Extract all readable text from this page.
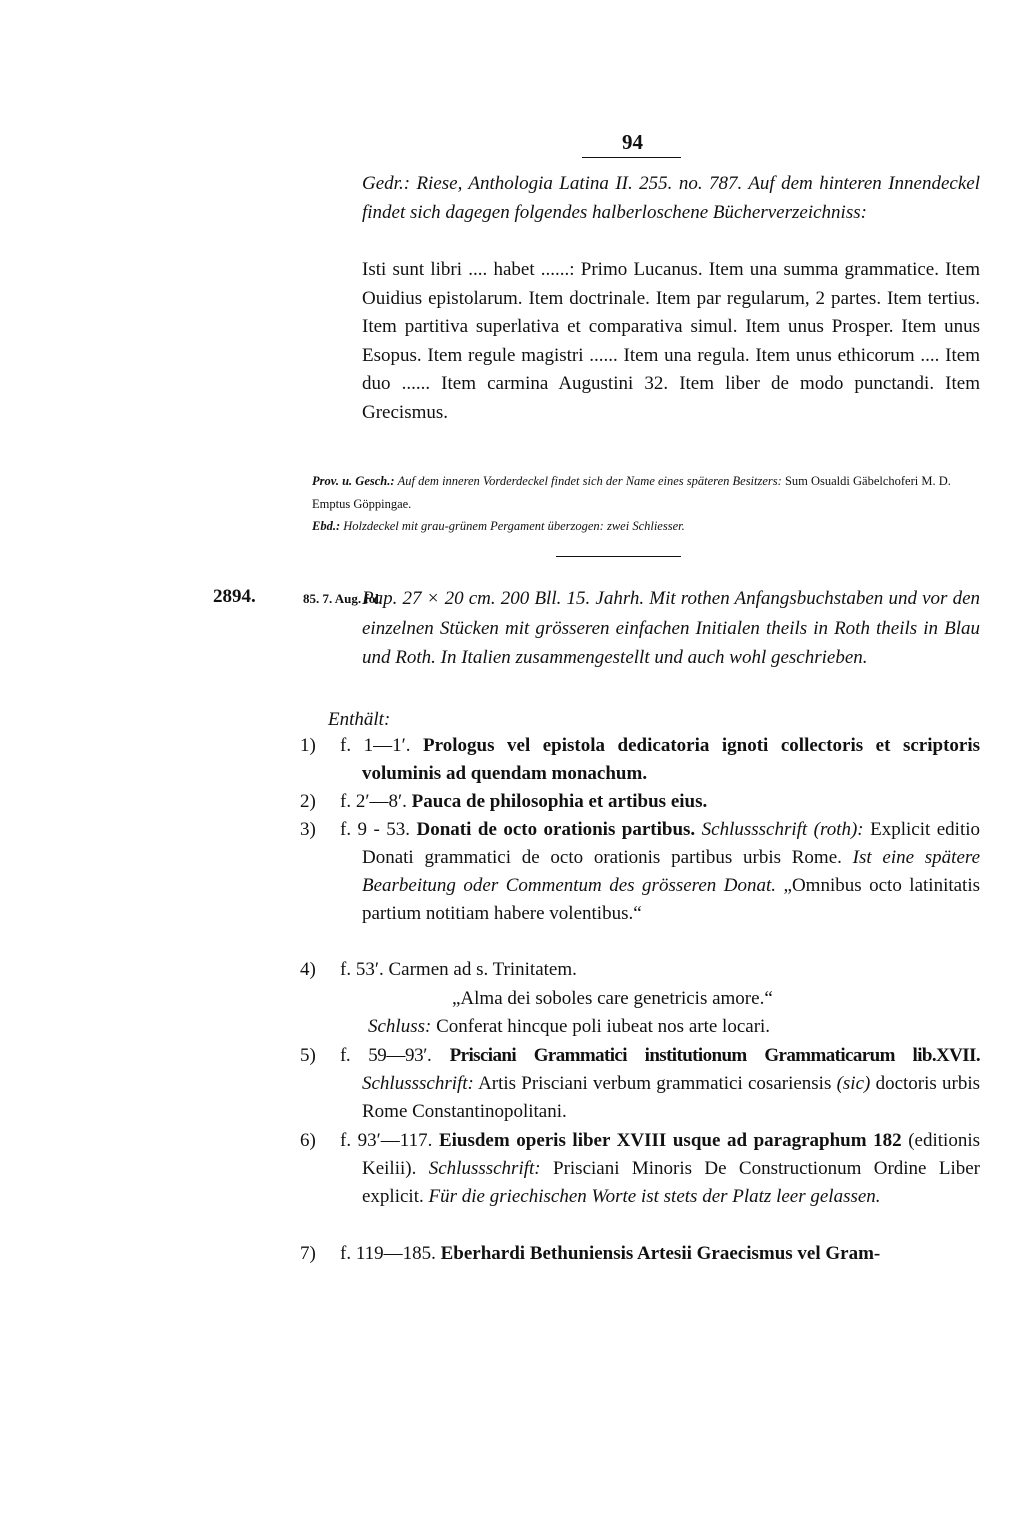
94
Gedr.: Riese, Anthologia Latina II. 255. no. 787. Auf dem hinteren Innendeckel findet sich dagegen folgendes halberloschene Bücherverzeichniss:
Isti sunt libri .... habet ......: Primo Lucanus. Item una summa grammatice. Item Ouidius epistolarum. Item doctrinale. Item par regularum, 2 partes. Item tertius. Item partitiva superlativa et comparativa simul. Item unus Prosper. Item unus Esopus. Item regule magistri ...... Item una regula. Item unus ethicorum .... Item duo ...... Item carmina Augustini 32. Item liber de modo punctandi. Item Grecismus.
Prov. u. Gesch.: Auf dem inneren Vorderdeckel findet sich der Name eines späteren Besitzers: Sum Osualdi Gäbelchoferi M. D. Emptus Göppingae.
Ebd.: Holzdeckel mit grau-grünem Pergament überzogen: zwei Schliesser.
2894.	85. 7. Aug. fol.
Pap. 27 × 20 cm. 200 Bll. 15. Jahrh. Mit rothen Anfangsbuchstaben und vor den einzelnen Stücken mit grösseren einfachen Initialen theils in Roth theils in Blau und Roth. In Italien zusammengestellt und auch wohl geschrieben.
Enthält:
1) f. 1—1′. Prologus vel epistola dedicatoria ignoti collectoris et scriptoris voluminis ad quendam monachum.
2) f. 2′—8′. Pauca de philosophia et artibus eius.
3) f. 9 - 53. Donati de octo orationis partibus. Schlussschrift (roth): Explicit editio Donati grammatici de octo orationis partibus urbis Rome. Ist eine spätere Bearbeitung oder Commentum des grösseren Donat. „Omnibus octo latinitatis partium notitiam habere volentibus.“
4) f. 53′. Carmen ad s. Trinitatem.
„Alma dei soboles care genetricis amore.“
Schluss: Conferat hincque poli iubeat nos arte locari.
5) f. 59—93′. Prisciani Grammatici institutionum Grammaticarum lib.XVII. Schlussschrift: Artis Prisciani verbum grammatici cosariensis (sic) doctoris urbis Rome Constantinopolitani.
6) f. 93′—117. Eiusdem operis liber XVIII usque ad paragraphum 182 (editionis Keilii). Schlussschrift: Prisciani Minoris De Constructionum Ordine Liber explicit. Für die griechischen Worte ist stets der Platz leer gelassen.
7) f. 119—185. Eberhardi Bethuniensis Artesii Graecismus vel Gram-
